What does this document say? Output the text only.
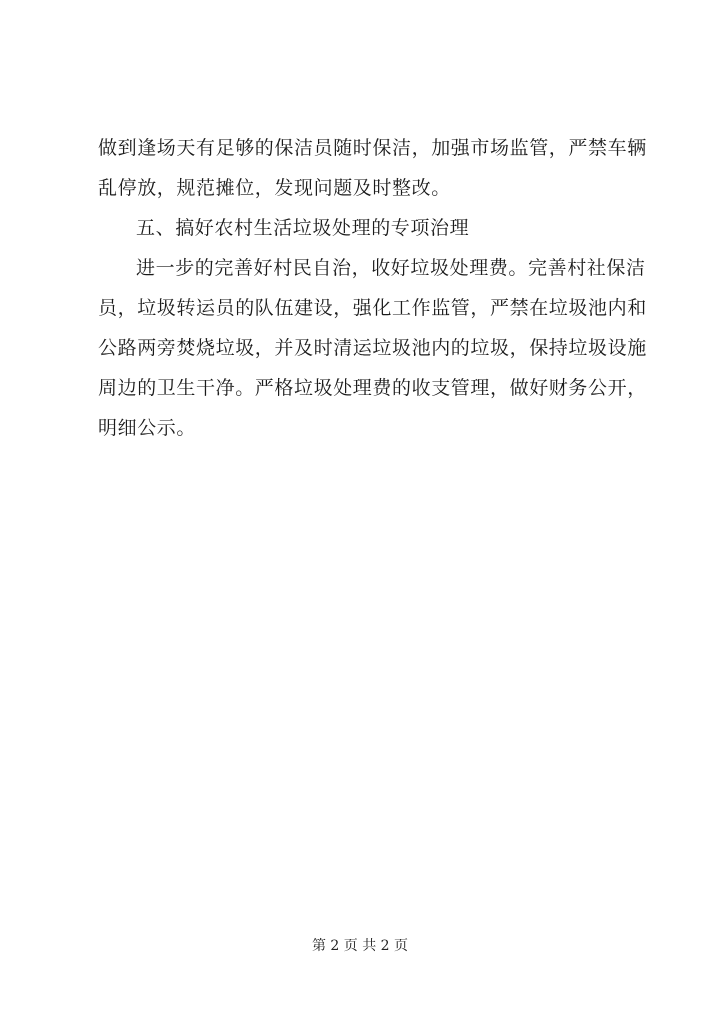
做到逢场天有足够的保洁员随时保洁，加强市场监管，严禁车辆
乱停放，规范摊位，发现问题及时整改。
五、搞好农村生活垃圾处理的专项治理
进一步的完善好村民自治，收好垃圾处理费。完善村社保洁
员，垃圾转运员的队伍建设，强化工作监管，严禁在垃圾池内和
公路两旁焚烧垃圾，并及时清运垃圾池内的垃圾，保持垃圾设施
周边的卫生干净。严格垃圾处理费的收支管理，做好财务公开，
明细公示。
第 2 页 共 2 页
